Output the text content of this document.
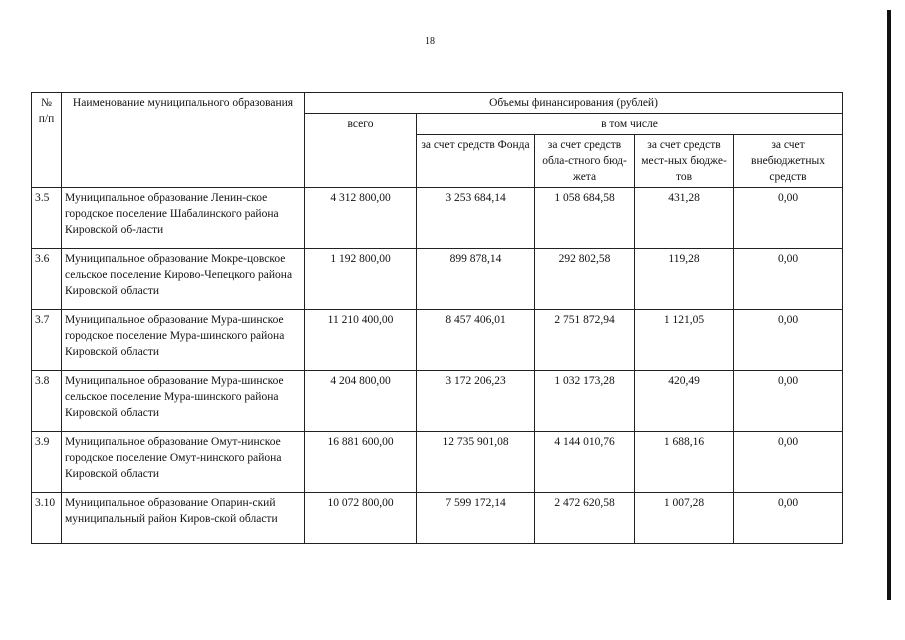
18
№ п/п	Наименование муниципального образования	Объемы финансирования (рублей)				
		всего	в том числе			
			за счет средств Фонда	за счет средств обла-стного бюд-жета	за счет средств мест-ных бюдже-тов	за счет внебюджетных средств
3.5	Муниципальное образование Ленин-ское городское поселение Шабалинского района Кировской об-ласти	4 312 800,00	3 253 684,14	1 058 684,58	431,28	0,00
3.6	Муниципальное образование Мокре-цовское сельское поселение Кирово-Чепецкого района Кировской области	1 192 800,00	899 878,14	292 802,58	119,28	0,00
3.7	Муниципальное образование Мура-шинское городское поселение Мура-шинского района Кировской области	11 210 400,00	8 457 406,01	2 751 872,94	1 121,05	0,00
3.8	Муниципальное образование Мура-шинское сельское поселение Мура-шинского района Кировской области	4 204 800,00	3 172 206,23	1 032 173,28	420,49	0,00
3.9	Муниципальное образование Омут-нинское городское поселение Омут-нинского района Кировской области	16 881 600,00	12 735 901,08	4 144 010,76	1 688,16	0,00
3.10	Муниципальное образование Опарин-ский муниципальный район Киров-ской области	10 072 800,00	7 599 172,14	2 472 620,58	1 007,28	0,00
